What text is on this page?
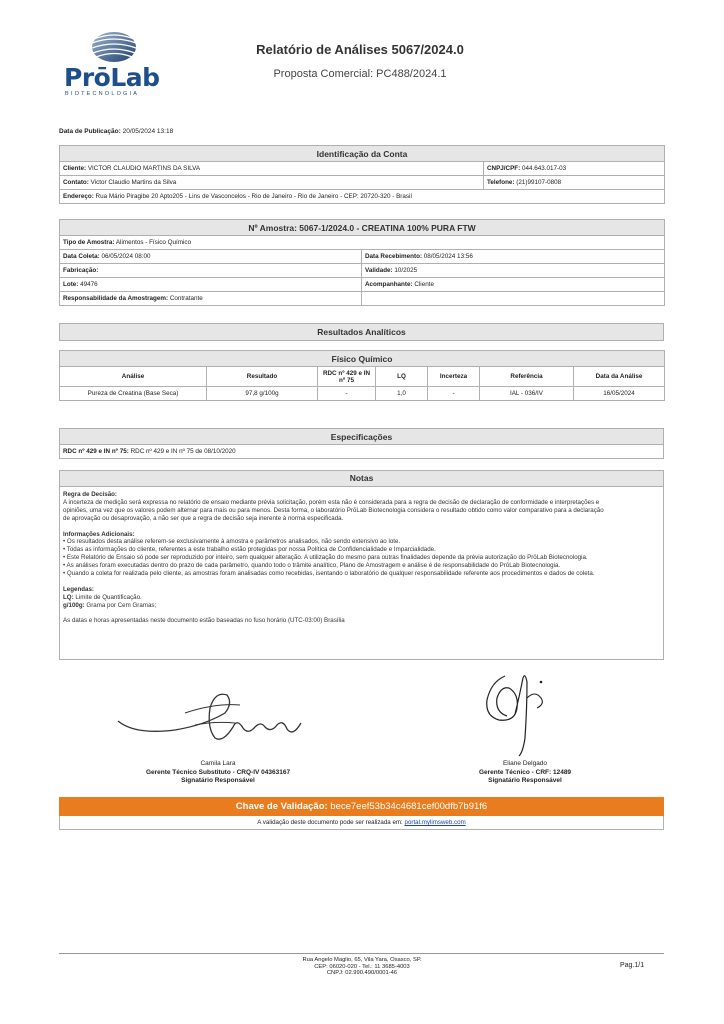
PrōLab
BIOTECNOLOGIA
Relatório de Análises 5067/2024.0
Proposta Comercial: PC488/2024.1
Data de Publicação: 20/05/2024 13:18
Identificação da Conta	
Cliente: VICTOR CLAUDIO MARTINS DA SILVA	CNPJ/CPF: 044.643.017-03
Contato: Victor Claudio Martins da Silva	Telefone: (21)99107-0808
Endereço: Rua Mário Piragibe 20 Apto205 - Lins de Vasconcelos - Rio de Janeiro - Rio de Janeiro - CEP: 20720-320 - Brasil	
Nº Amostra: 5067-1/2024.0 - CREATINA 100% PURA FTW	
Tipo de Amostra: Alimentos - Físico Químico	
Data Coleta: 06/05/2024 08:00	Data Recebimento: 08/05/2024 13:56
Fabricação:	Validade: 10/2025
Lote: 49476	Acompanhante: Cliente
Responsabilidade da Amostragem: Contratante	
Resultados Analíticos
Físico Químico						
Análise	Resultado	RDC nº 429 e IN nº 75	LQ	Incerteza	Referência	Data da Análise
Pureza de Creatina (Base Seca)	97,8 g/100g	-	1,0	-	IAL - 036/IV	16/05/2024
Especificações
RDC nº 429 e IN nº 75: RDC nº 429 e IN nº 75 de 08/10/2020
Notas
Regra de Decisão:
A incerteza de medição será expressa no relatório de ensaio mediante prévia solicitação, porém esta não é considerada para a regra de decisão de declaração de conformidade e interpretações e
opiniões, uma vez que os valores podem alternar para mais ou para menos. Desta forma, o laboratório PrōLab Biotecnologia considera o resultado obtido como valor comparativo para a declaração
de aprovação ou desaprovação, a não ser que a regra de decisão seja inerente à norma especificada.
Informações Adicionais:
• Os resultados desta análise referem-se exclusivamente à amostra e parâmetros analisados, não sendo extensivo ao lote.
• Todas as informações do cliente, referentes a este trabalho estão protegidas por nossa Política de Confidencialidade e Imparcialidade.
• Este Relatório de Ensaio só pode ser reproduzido por inteiro, sem qualquer alteração. A utilização do mesmo para outras finalidades depende da prévia autorização do PrōLab Biotecnologia.
• As análises foram executadas dentro do prazo de cada parâmetro, quando todo o trâmite analítico, Plano de Amostragem e análise é de responsabilidade do PrōLab Biotecnologia.
• Quando a coleta for realizada pelo cliente, as amostras foram analisadas como recebidas, isentando o laboratório de qualquer responsabilidade referente aos procedimentos e dados de coleta.
Legendas:
LQ: Limite de Quantificação.
g/100g: Grama por Cem Gramas;
As datas e horas apresentadas neste documento estão baseadas no fuso horário (UTC-03:00) Brasília
Camila Lara
Gerente Técnico Substituto - CRQ-IV 04363167
Signatário Responsável
Eliane Delgado
Gerente Técnico - CRF: 12489
Signatário Responsável
Chave de Validação: bece7eef53b34c4681cef00dfb7b91f6
A validação deste documento pode ser realizada em: portal.mylimsweb.com
Rua Angelo Maglio, 65, Vila Yara, Osasco, SP.
CEP: 06020-020 - Tel.: 11 3685-4003
CNPJ: 02.990.490/0001-46
Pag.1/1
